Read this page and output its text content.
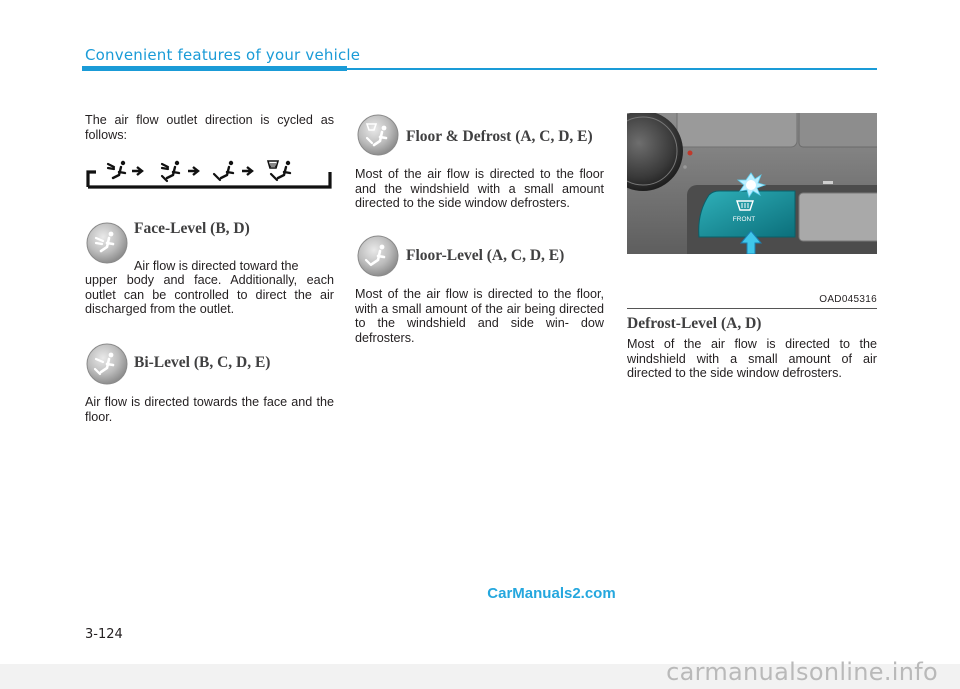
Convenient features of your vehicle
The air flow outlet direction is cycled as follows:
Face-Level (B, D)
Air flow is directed toward the
upper body and face. Additionally, each outlet can be controlled to direct the air discharged from the outlet.
Bi-Level (B, C, D, E)
Air flow is directed towards the face and the floor.
Floor & Defrost (A, C, D, E)
Most of the air flow is directed to the floor and the windshield with a small amount directed to the side window defrosters.
Floor-Level (A, C, D, E)
Most of the air flow is directed to the floor, with a small amount of the air being directed to the windshield and side win- dow defrosters.
FRONT
OAD045316
Defrost-Level (A, D)
Most of the air flow is directed to the windshield with a small amount of air directed to the side window defrosters.
CarManuals2.com
3-124
carmanualsonline.info
